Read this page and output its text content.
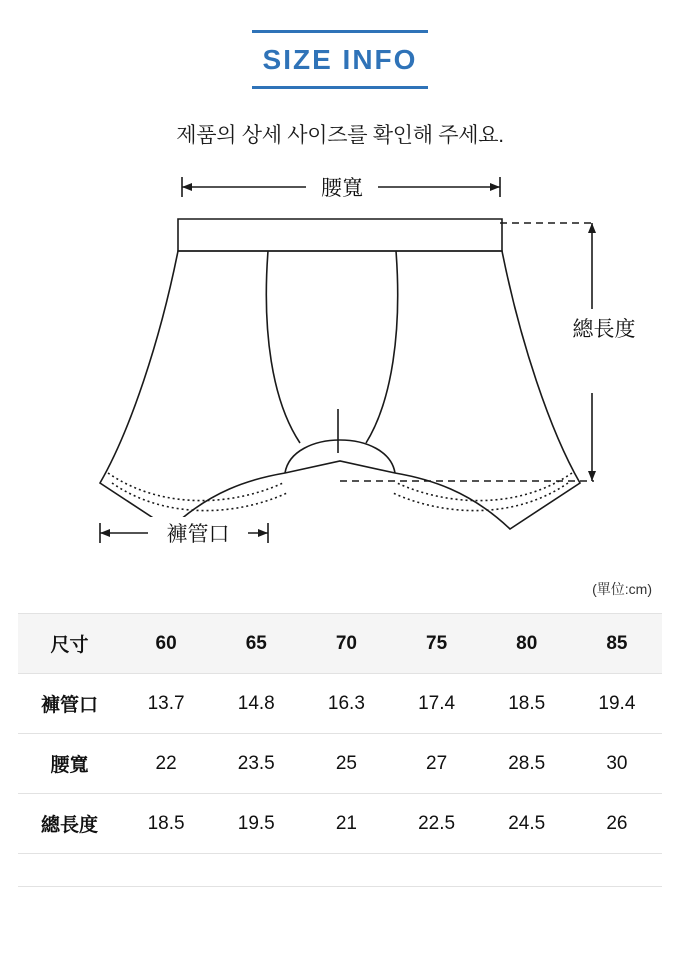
SIZE INFO
제품의 상세 사이즈를 확인해 주세요.
腰寬
總長度
褲管口
(單位:cm)
尺寸	60	65	70	75	80	85
褲管口	13.7	14.8	16.3	17.4	18.5	19.4
腰寬	22	23.5	25	27	28.5	30
總長度	18.5	19.5	21	22.5	24.5	26
